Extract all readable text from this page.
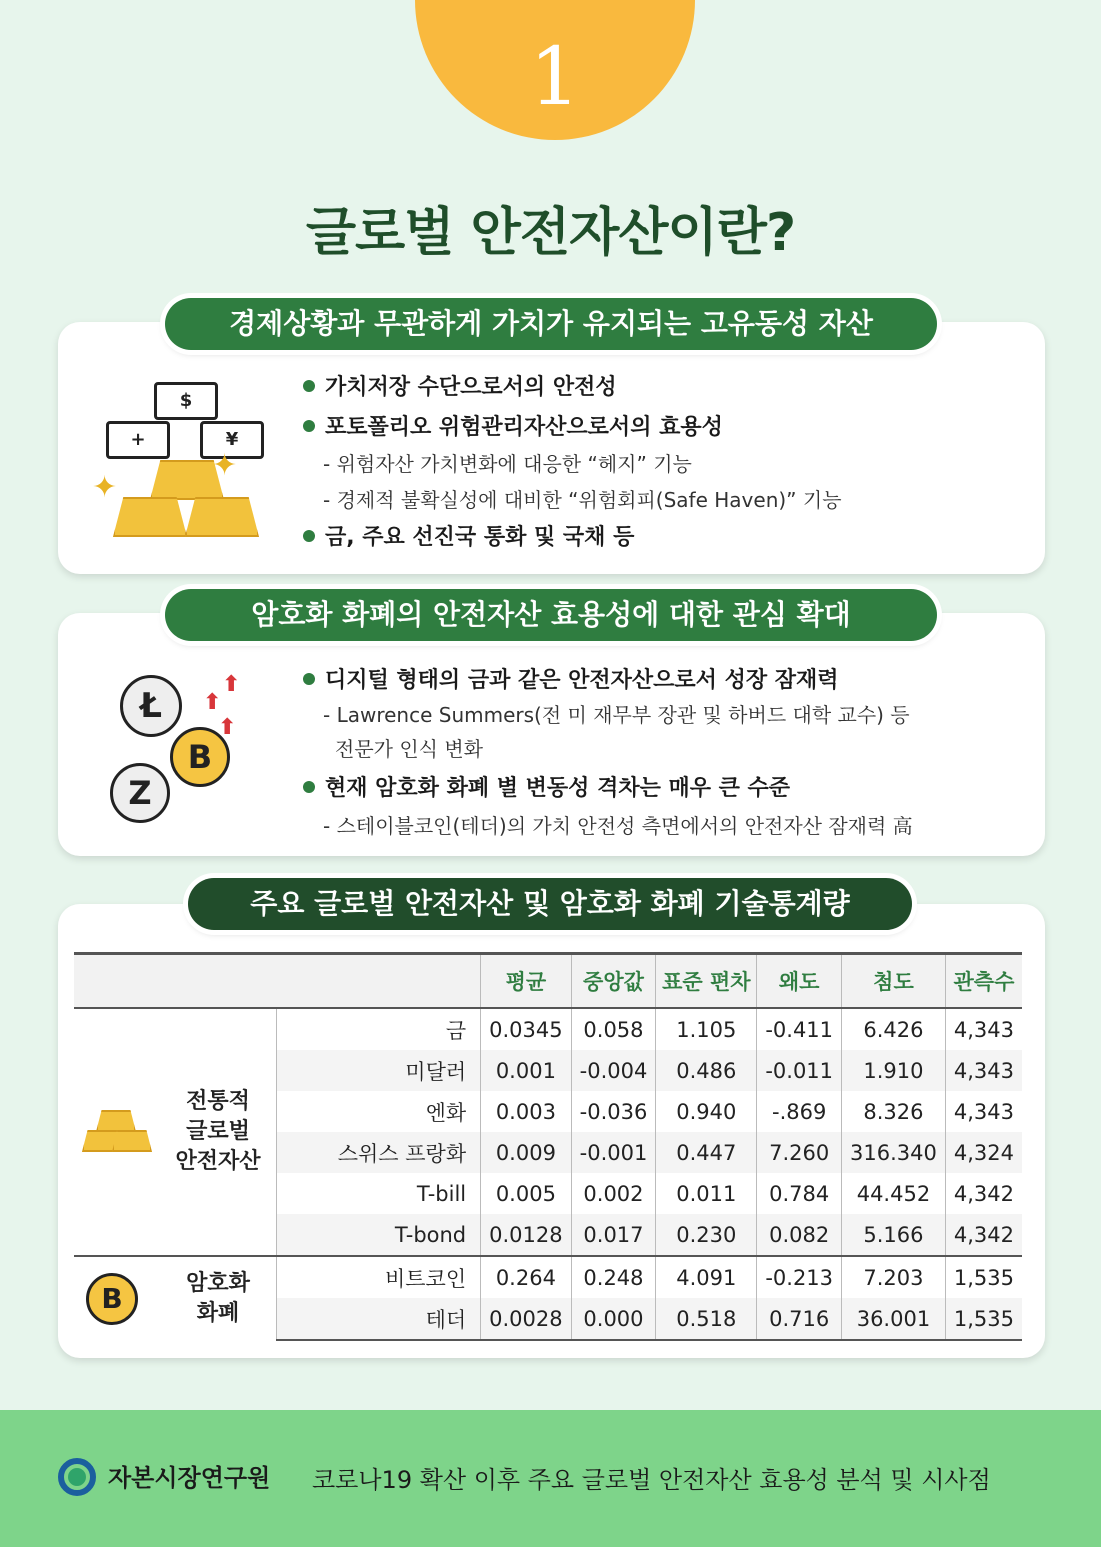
1
글로벌 안전자산이란?
경제상황과 무관하게 가치가 유지되는 고유동성 자산
$
+	¥
✦
✦
가치저장 수단으로서의 안전성
포토폴리오 위험관리자산으로서의 효용성
- 위험자산 가치변화에 대응한 “헤지” 기능
- 경제적 불확실성에 대비한 “위험회피(Safe Haven)” 기능
금, 주요 선진국 통화 및 국채 등
암호화 화폐의 안전자산 효용성에 대한 관심 확대
Ł
B
Z
⬆
⬆
⬆
디지털 형태의 금과 같은 안전자산으로서 성장 잠재력
- Lawrence Summers(전 미 재무부 장관 및 하버드 대학 교수) 등
전문가 인식 변화
현재 암호화 화폐 별 변동성 격차는 매우 큰 수준
- 스테이블코인(테더)의 가치 안전성 측면에서의 안전자산 잠재력 高
주요 글로벌 안전자산 및 암호화 화폐 기술통계량
			평균	중앙값	표준 편차	왜도	첨도	관측수

	전통적
글로벌
안전자산	금	0.0345	0.058	1.105	-0.411	6.426	4,343
		미달러	0.001	-0.004	0.486	-0.011	1.910	4,343
		엔화	0.003	-0.036	0.940	-.869	8.326	4,343
		스위스 프랑화	0.009	-0.001	0.447	7.260	316.340	4,324
		T-bill	0.005	0.002	0.011	0.784	44.452	4,342
		T-bond	0.0128	0.017	0.230	0.082	5.166	4,342

B	암호화
화폐	비트코인	0.264	0.248	4.091	-0.213	7.203	1,535
		테더	0.0028	0.000	0.518	0.716	36.001	1,535
자본시장연구원 코로나19 확산 이후 주요 글로벌 안전자산 효용성 분석 및 시사점
